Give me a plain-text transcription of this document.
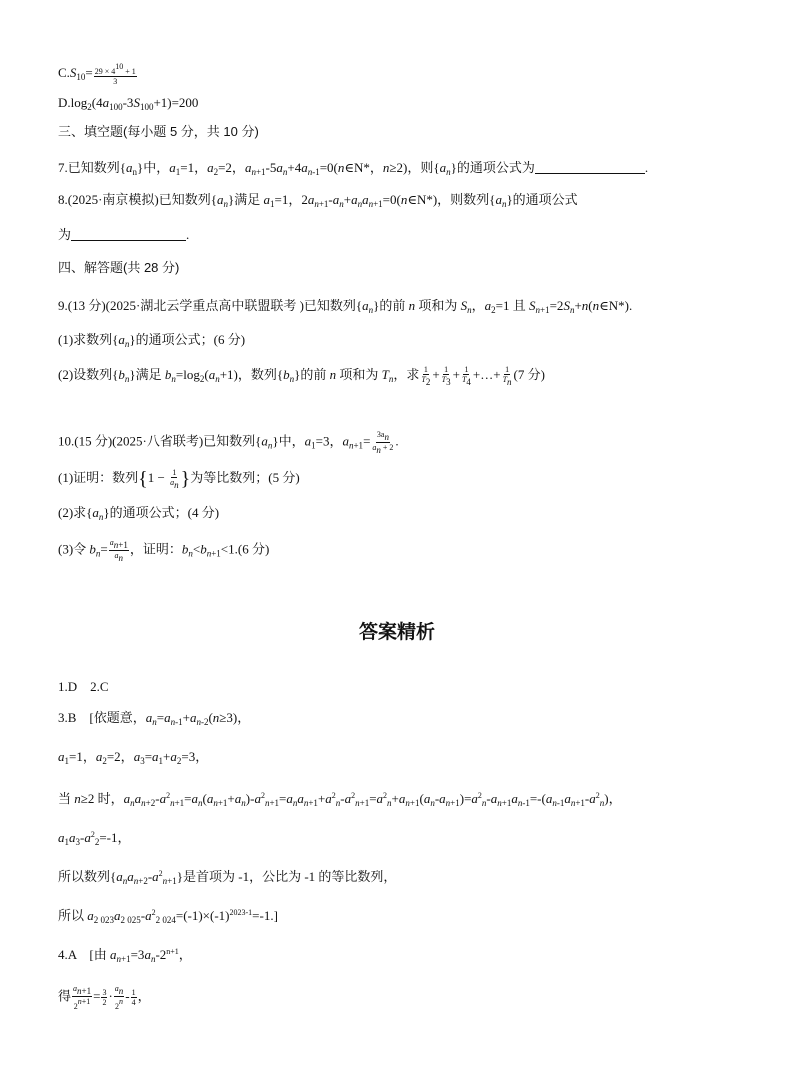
$C.S_{10}= \frac{29 \times 4^{10} + 1}{3}$
$D.\log_2(4a_{100}-3S_{100}+1)=200$
三、填空题(每小题 5 分，共 10 分)
7.已知数列$\{a_n\}$中，$a_1=1$，$a_2=2$，$a_{n+1}-5a_n+4a_{n-1}=0(n\in N*$，n≥2)，则$\{a_n\}$的通项公式为	.
8.(2025·南京模拟)已知数列$\{a_n\}$满足 $a_1=1$，$2a_{n+1}-a_n+a_na_{n+1}=0(n\in N*)$，则数列$\{a_n\}$的通项公式
为	.
四、解答题(共 28 分)
9.(13 分)(2025·湖北云学重点高中联盟联考 )已知数列$\{a_n\}$的前 n 项和为 $S_n$，$a_2=1$ 且 $S_{n+1}=2S_n+n(n\in N*)$.
(1)求数列$\{a_n\}$的通项公式；(6 分)
(2)设数列$\{b_n\}$满足 $b_n=\log_2(a_n+1)$，数列$\{b_n\}$的前 n 项和为 $T_n$，求 $\frac{1}{T_2} + \frac{1}{T_3} + \frac{1}{T_4}$ +…+ $\frac{1}{T_n} (7$ 分)
10.(15 分)(2025·八省联考)已知数列$\{a_n\}$中，$a_1=3$，$a_{n+1}= \frac{3a_n}{a_n + 2}$ .
(1)证明：数列{$1 - \frac{1}{a_n}$ }为等比数列；(5 分)
(2)求$\{a_n\}$的通项公式；(4 分)
(3)令 $b_n= \frac{a_{n+1}}{a_n}$ ，证明：$b_n<b_{n+1}<1.(6$ 分)
答案精析
1.D　2.C
3.B　[依题意，$a_n=a_{n-1}+a_{n-2}(n\ge 3)$，
$a_1=1$，$a_2=2$，$a_3=a_1+a_2=3$，
当 n≥2 时，$a_na_{n+2}-a^2_{n+1}=a_n(a_{n+1}+a_n)-a^2_{n+1}=a_na_{n+1}+a^2_n-a^2_{n+1}=a^2_n+a_{n+1}(a_n-a_{n+1})=a^2_n-a_{n+1}a_{n-1}=-(a_{n-1}a_{n+1}-a^2_n)$，
$a_1a_3-a^2_2=-1$，
所以数列$\{a_na_{n+2}-a^2_{n+1}\}$是首项为 -1，公比为 -1 的等比数列，
所以 $a_{2 023}a_{2 025}-a^2_{2 024}=(-1)\times(-1)^{2023-1}=-1$.]
4.A　[由 $a_{n+1}=3a_n-2^{n+1}$，
得 $\frac{a_{n+1}}{2^{n+1}} = \frac{3}{2} \cdot \frac{a_n}{2^n} - \frac{1}{4}$ ，
